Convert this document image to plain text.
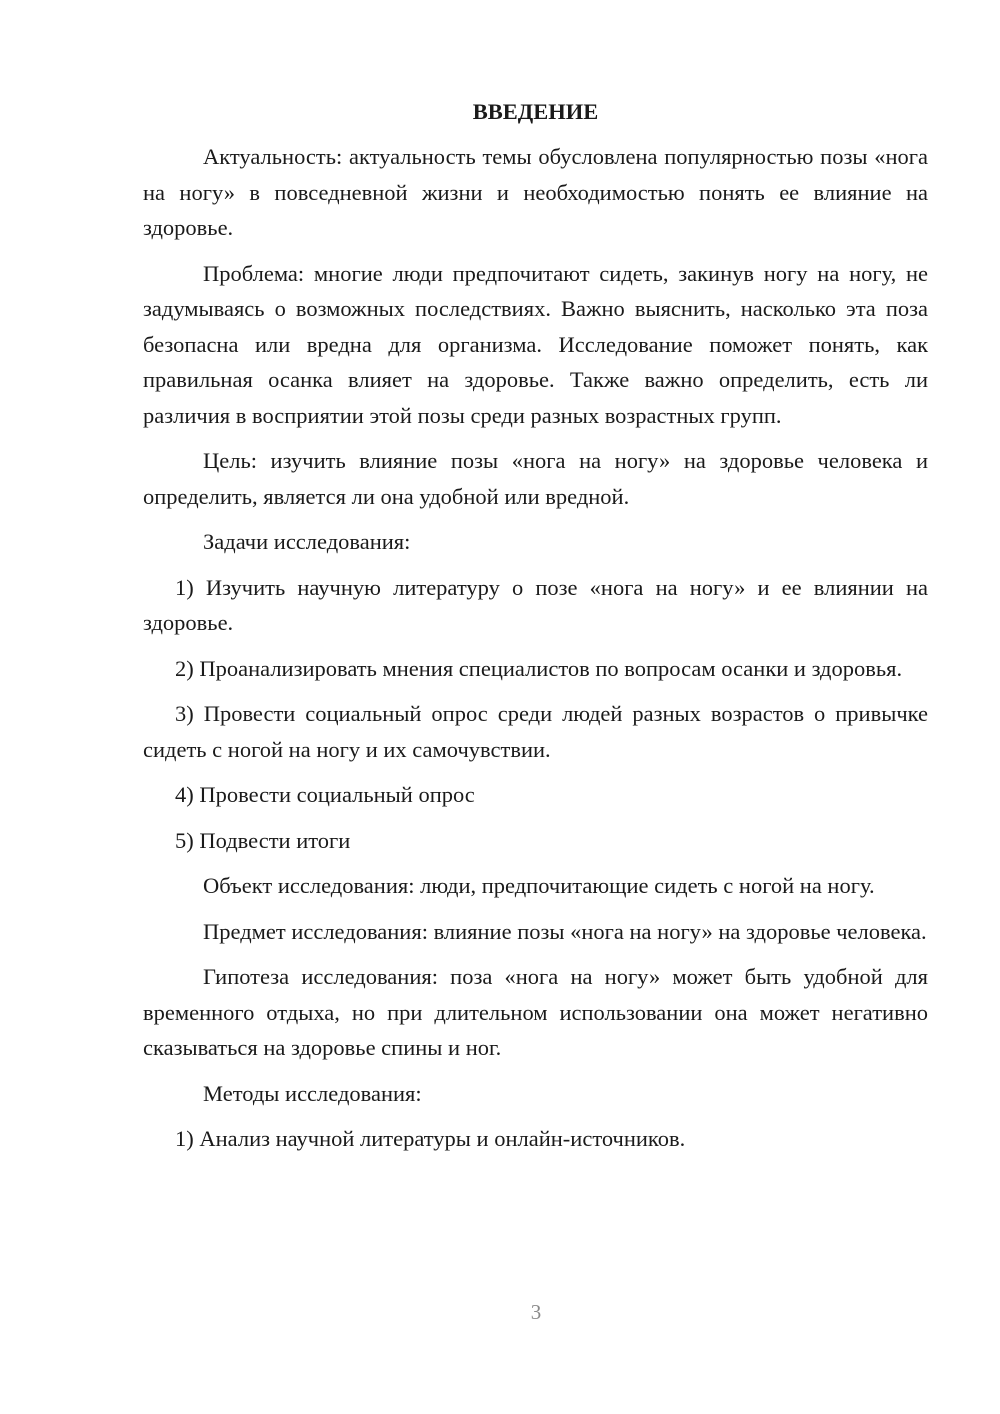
ВВЕДЕНИЕ

Актуальность: актуальность темы обусловлена популярностью позы «нога на ногу» в повседневной жизни и необходимостью понять ее влияние на здоровье.

Проблема: многие люди предпочитают сидеть, закинув ногу на ногу, не задумываясь о возможных последствиях. Важно выяснить, насколько эта поза безопасна или вредна для организма. Исследование поможет понять, как правильная осанка влияет на здоровье. Также важно определить, есть ли различия в восприятии этой позы среди разных возрастных групп.

Цель: изучить влияние позы «нога на ногу» на здоровье человека и определить, является ли она удобной или вредной.

Задачи исследования:

1) Изучить научную литературу о позе «нога на ногу» и ее влиянии на здоровье.

2) Проанализировать мнения специалистов по вопросам осанки и здоровья.

3) Провести социальный опрос среди людей разных возрастов о привычке сидеть с ногой на ногу и их самочувствии.

4) Провести социальный опрос

5) Подвести итоги

Объект исследования: люди, предпочитающие сидеть с ногой на ногу.

Предмет исследования: влияние позы «нога на ногу» на здоровье человека.

Гипотеза исследования: поза «нога на ногу» может быть удобной для временного отдыха, но при длительном использовании она может негативно сказываться на здоровье спины и ног.

Методы исследования:

1) Анализ научной литературы и онлайн-источников.

3
